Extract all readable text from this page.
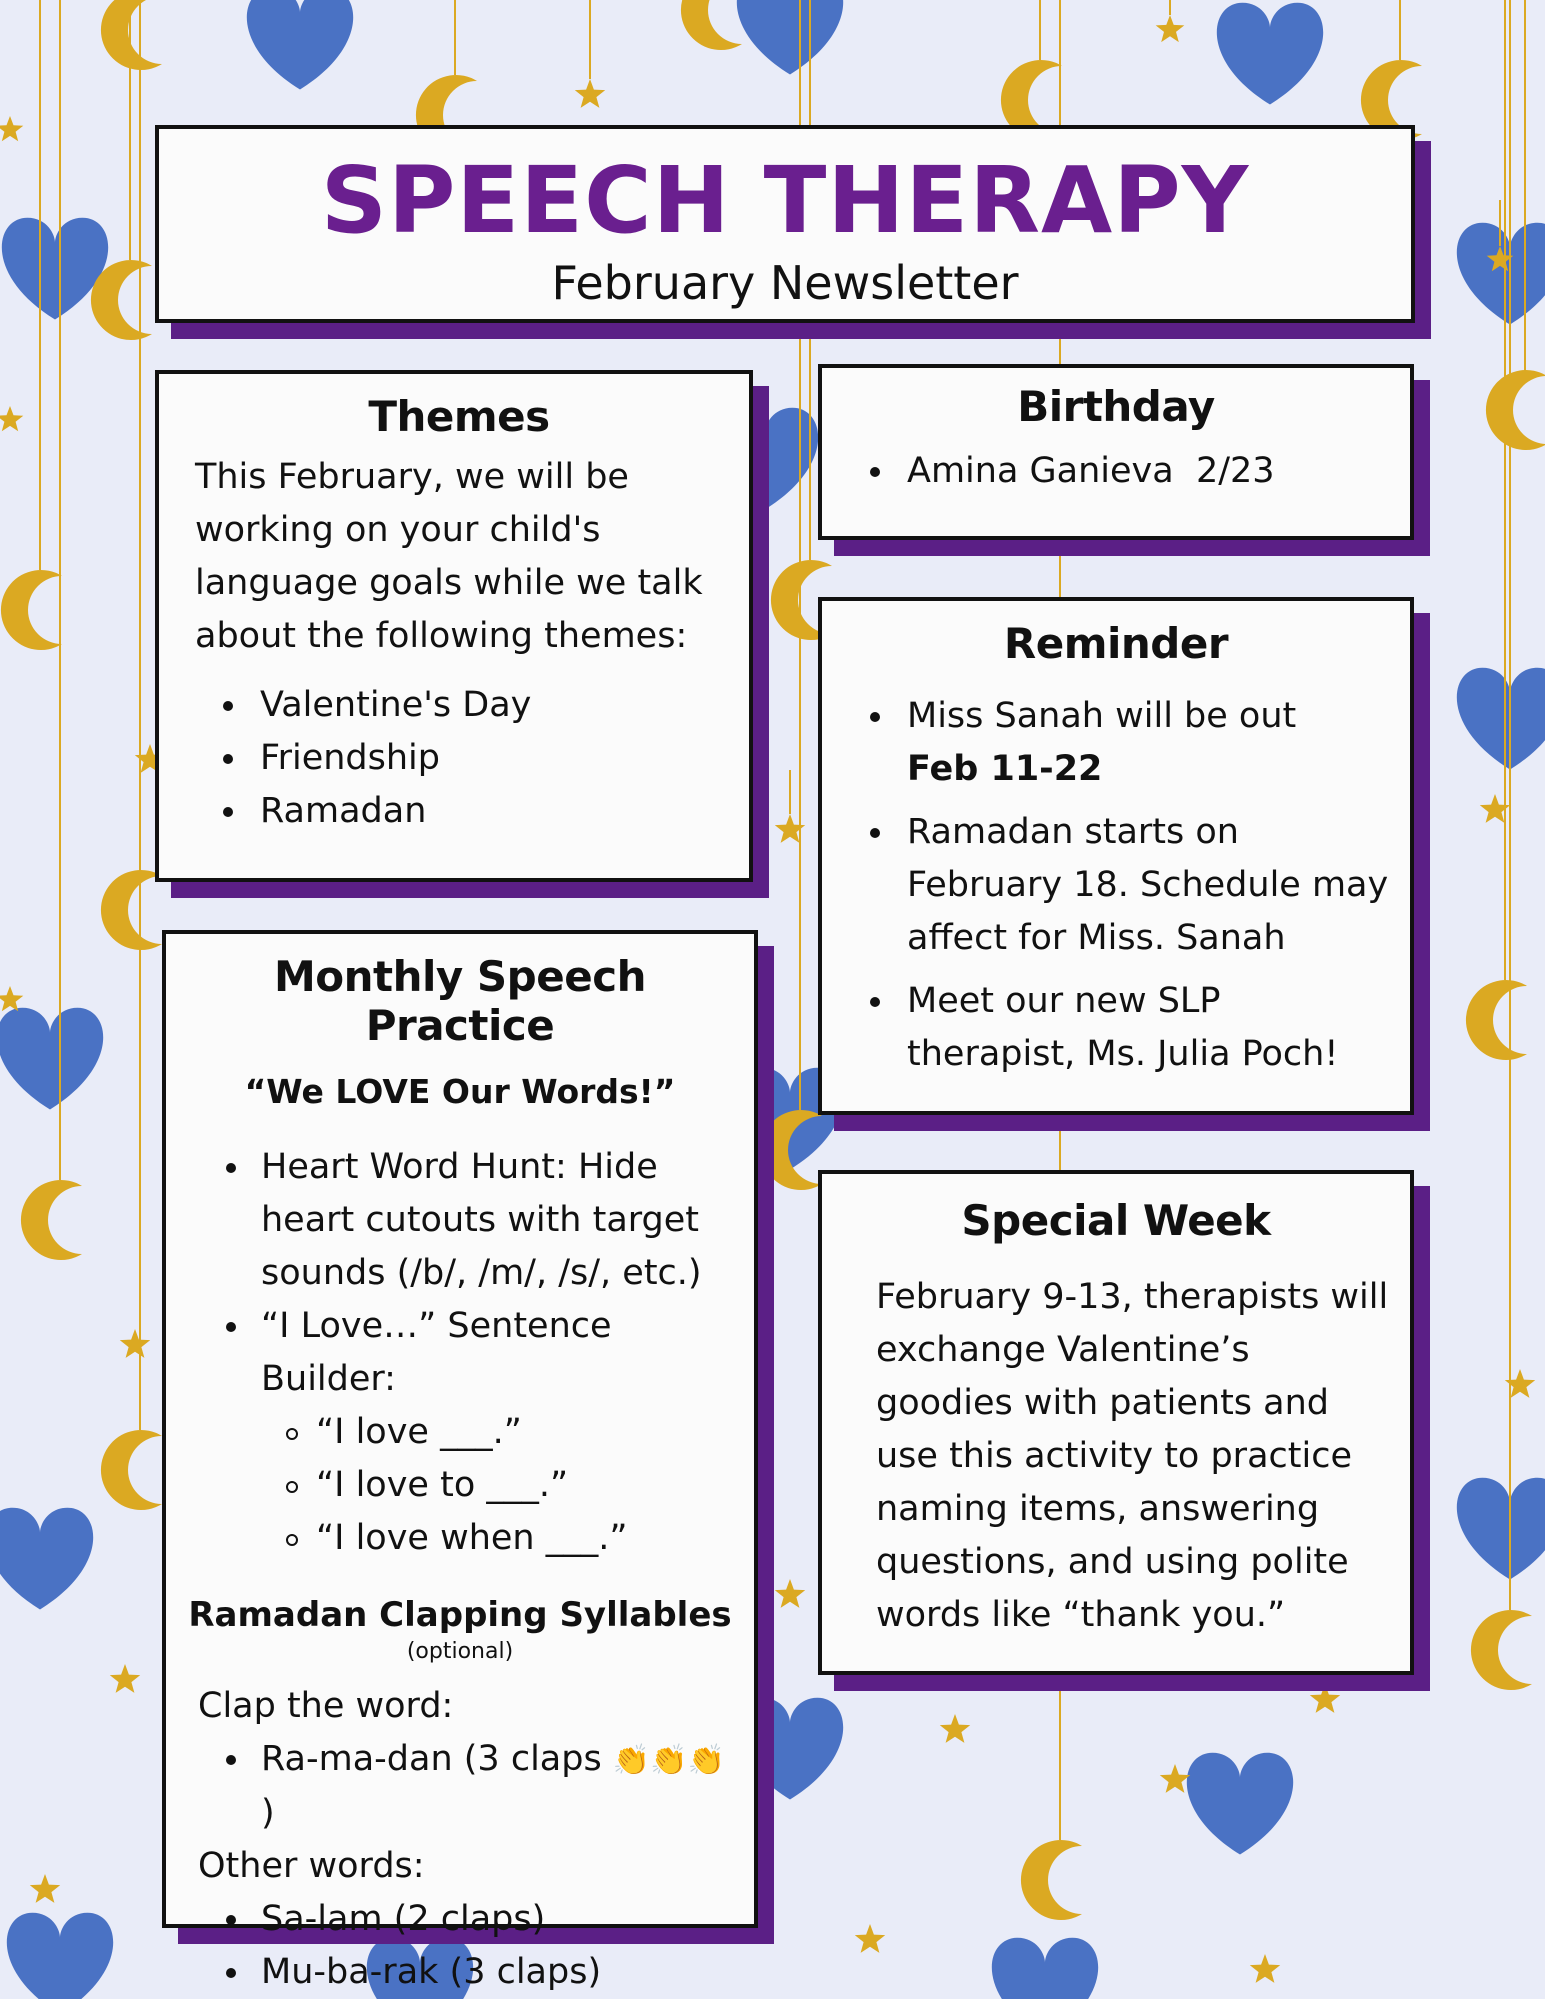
SPEECH THERAPY
February Newsletter
Themes
This February, we will be working on your child's language goals while we talk about the following themes:
Valentine's Day
Friendship
Ramadan
Birthday
Amina Ganieva  2/23
Reminder
Miss Sanah will be out
Feb 11-22
Ramadan starts on February 18. Schedule may affect for Miss. Sanah
Meet our new SLP therapist, Ms. Julia Poch!
Monthly Speech Practice
“We LOVE Our Words!”
Heart Word Hunt: Hide heart cutouts with target sounds (/b/, /m/, /s/, etc.)
“I Love…” Sentence Builder:
“I love ___.”
“I love to ___.”
“I love when ___.”
Ramadan Clapping Syllables
(optional)
Clap the word:
Ra-ma-dan (3 claps 👏👏👏)
Other words:
Sa-lam (2 claps)
Mu-ba-rak (3 claps)
Special Week
February 9-13, therapists will exchange Valentine’s goodies with patients and use this activity to practice naming items, answering questions, and using polite words like “thank you.”
